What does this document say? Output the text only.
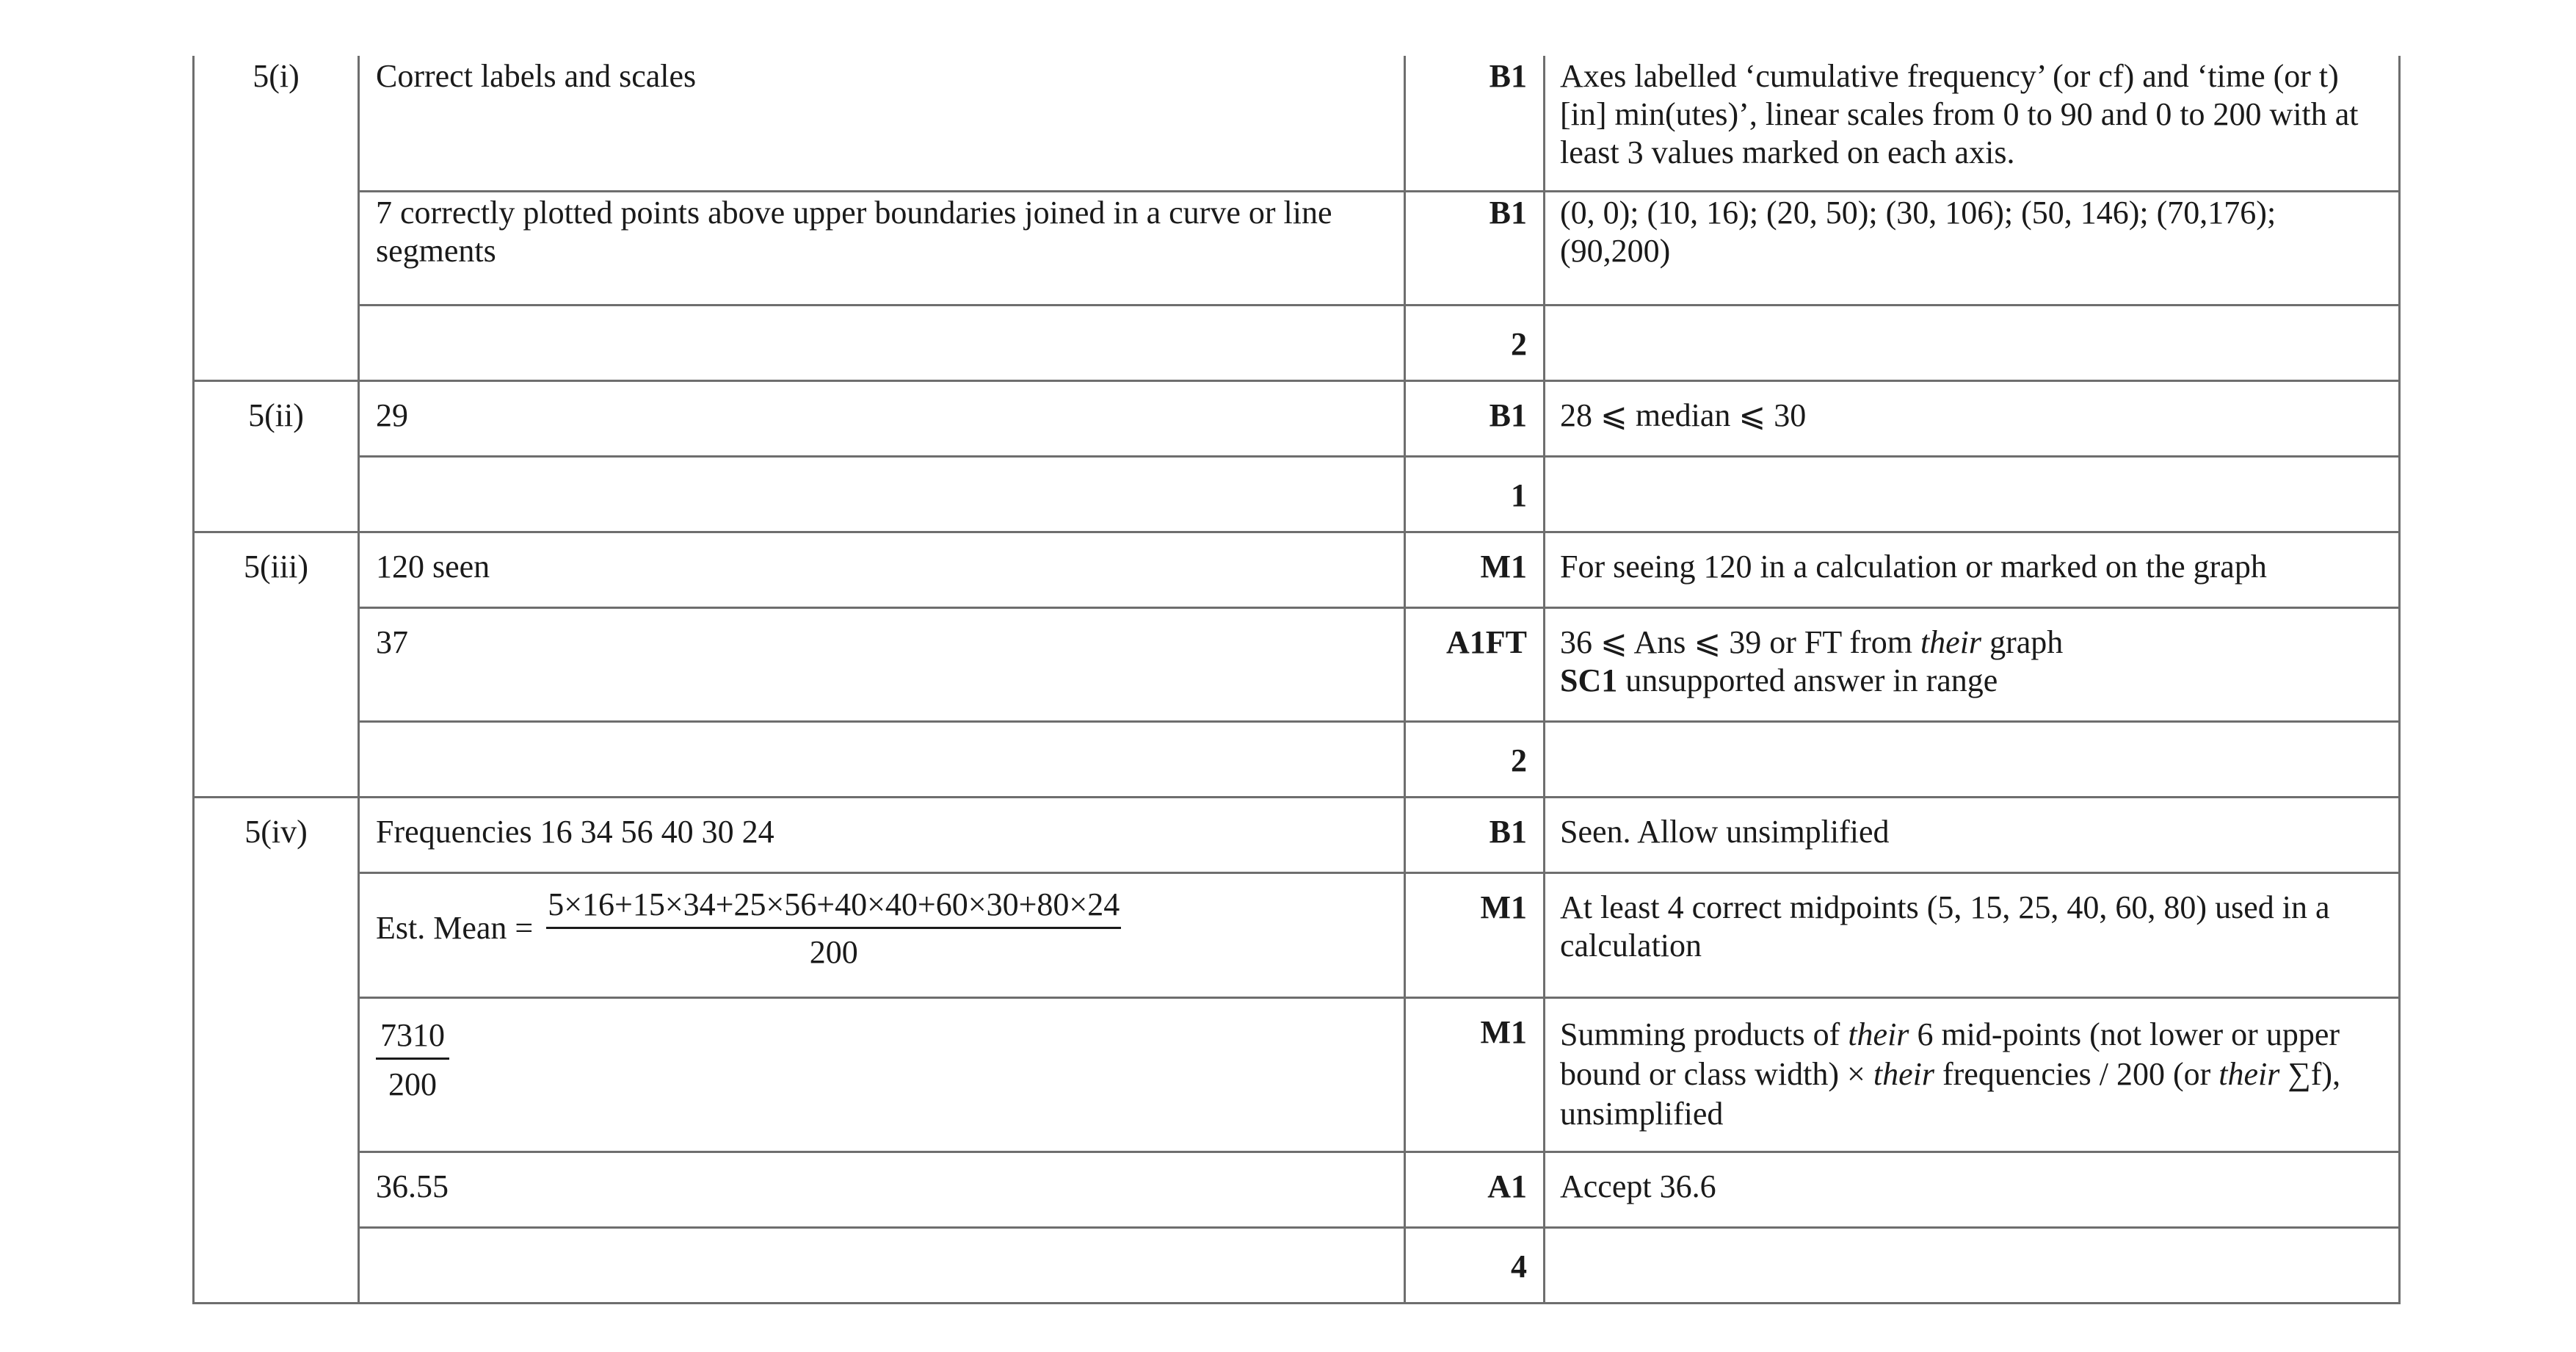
5(i)	Correct labels and scales	B1	Axes labelled ‘cumulative frequency’ (or cf) and ‘time (or t) [in] min(utes)’, linear scales from 0 to 90 and 0 to 200 with at least 3 values marked on each axis.
	7 correctly plotted points above upper boundaries joined in a curve or line segments	B1	(0, 0); (10, 16); (20, 50); (30, 106); (50, 146); (70,176); (90,200)
		2	
5(ii)	29	B1	28 ⩽ median ⩽ 30
		1	
5(iii)	120 seen	M1	For seeing 120 in a calculation or marked on the graph
	37	A1FT	36 ⩽ Ans ⩽ 39 or FT from their graph
SC1 unsupported answer in range
		2	
5(iv)	Frequencies 16 34 56 40 30 24	B1	Seen. Allow unsimplified

	Est. Mean = $\frac{5\times 16+15\times 34+25\times 56+40\times 40+60\times 30+80\times 24}{200}$	M1	At least 4 correct midpoints (5, 15, 25, 40, 60, 80) used in a calculation

	$\frac{7310}{200}$	M1	Summing products of their 6 mid-points (not lower or upper bound or class width) × their frequencies / 200 (or their ∑f), unsimplified
	36.55	A1	Accept 36.6
		4	
